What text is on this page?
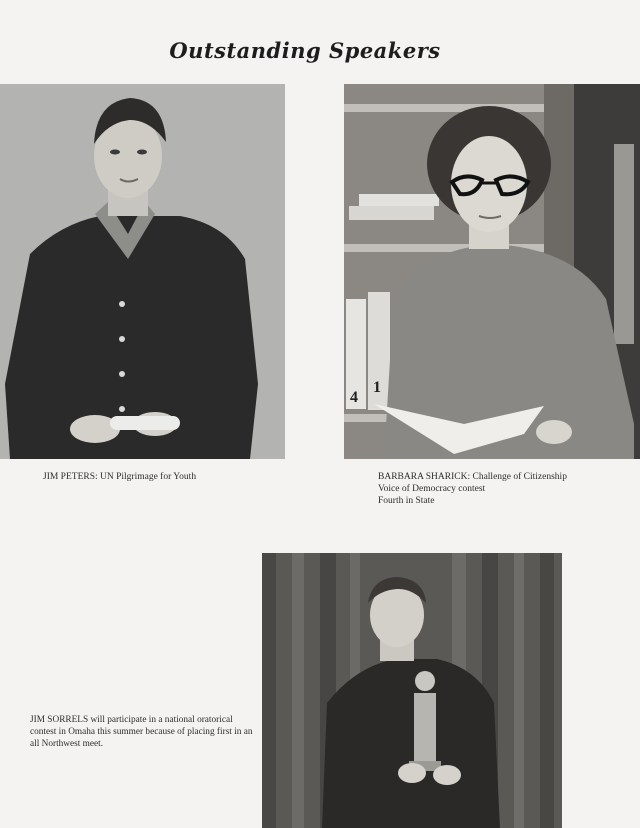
Outstanding Speakers
4
1
JIM PETERS: UN Pilgrimage for Youth	BARBARA SHARICK: Challenge of Citizenship
Voice of Democracy contest
Fourth in State
JIM SORRELS will participate in a national oratorical contest in Omaha this summer because of placing first in an all Northwest meet.
